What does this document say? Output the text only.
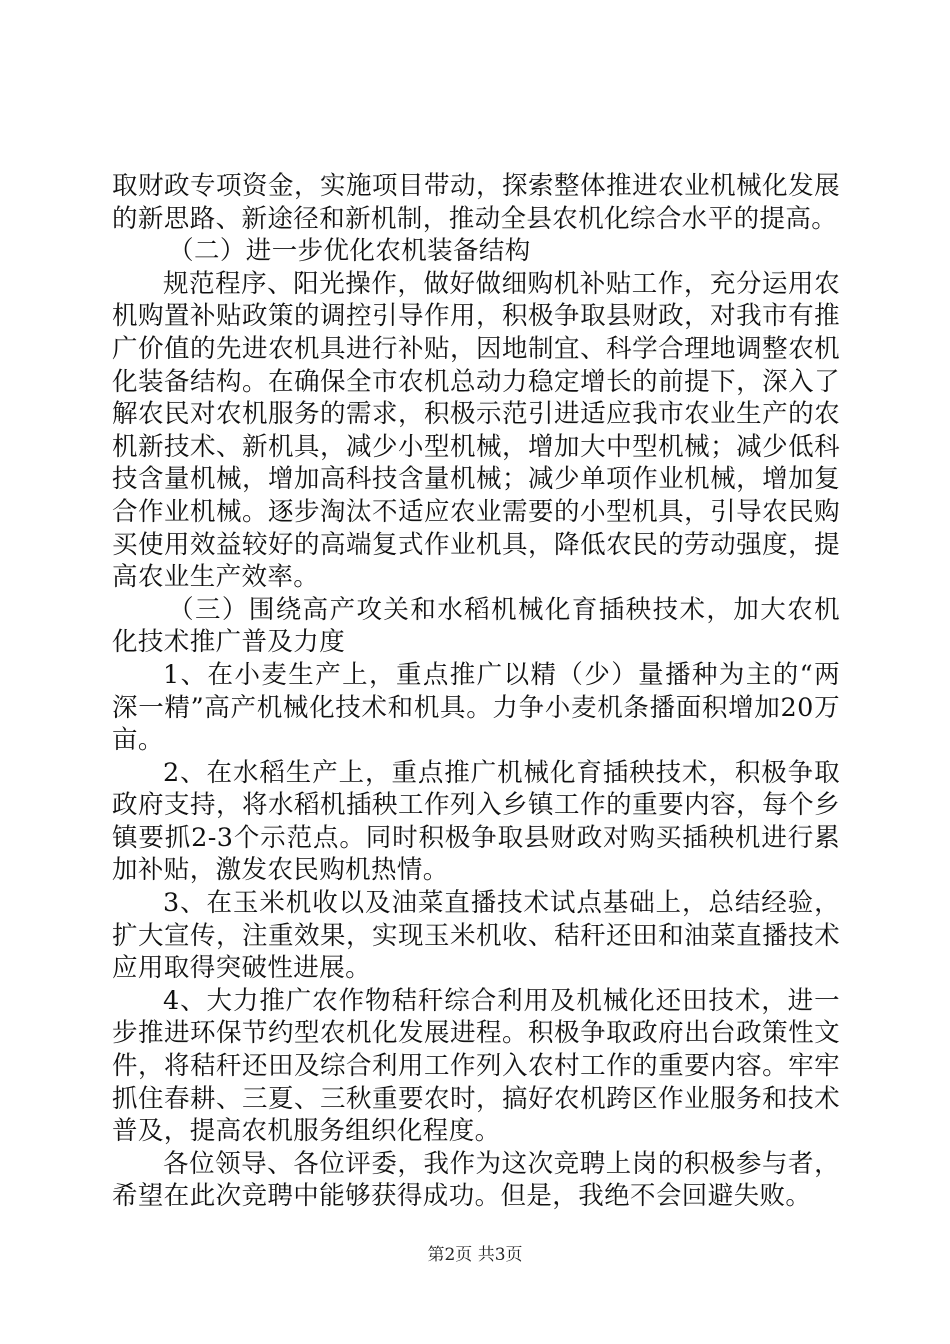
取财政专项资金，实施项目带动，探索整体推进农业机械化发展的新思路、新途径和新机制，推动全县农机化综合水平的提高。

（二）进一步优化农机装备结构

规范程序、阳光操作，做好做细购机补贴工作，充分运用农机购置补贴政策的调控引导作用，积极争取县财政，对我市有推广价值的先进农机具进行补贴，因地制宜、科学合理地调整农机化装备结构。在确保全市农机总动力稳定增长的前提下，深入了解农民对农机服务的需求，积极示范引进适应我市农业生产的农机新技术、新机具，减少小型机械，增加大中型机械；减少低科技含量机械，增加高科技含量机械；减少单项作业机械，增加复合作业机械。逐步淘汰不适应农业需要的小型机具，引导农民购买使用效益较好的高端复式作业机具，降低农民的劳动强度，提高农业生产效率。

（三）围绕高产攻关和水稻机械化育插秧技术，加大农机化技术推广普及力度

1、在小麦生产上，重点推广以精（少）量播种为主的“两深一精”高产机械化技术和机具。力争小麦机条播面积增加20万亩。

2、在水稻生产上，重点推广机械化育插秧技术，积极争取政府支持，将水稻机插秧工作列入乡镇工作的重要内容，每个乡镇要抓2-3个示范点。同时积极争取县财政对购买插秧机进行累加补贴，激发农民购机热情。

3、在玉米机收以及油菜直播技术试点基础上，总结经验，扩大宣传，注重效果，实现玉米机收、秸秆还田和油菜直播技术应用取得突破性进展。

4、大力推广农作物秸秆综合利用及机械化还田技术，进一步推进环保节约型农机化发展进程。积极争取政府出台政策性文件，将秸秆还田及综合利用工作列入农村工作的重要内容。牢牢抓住春耕、三夏、三秋重要农时，搞好农机跨区作业服务和技术普及，提高农机服务组织化程度。

各位领导、各位评委，我作为这次竞聘上岗的积极参与者，希望在此次竞聘中能够获得成功。但是，我绝不会回避失败。

第2页 共3页
